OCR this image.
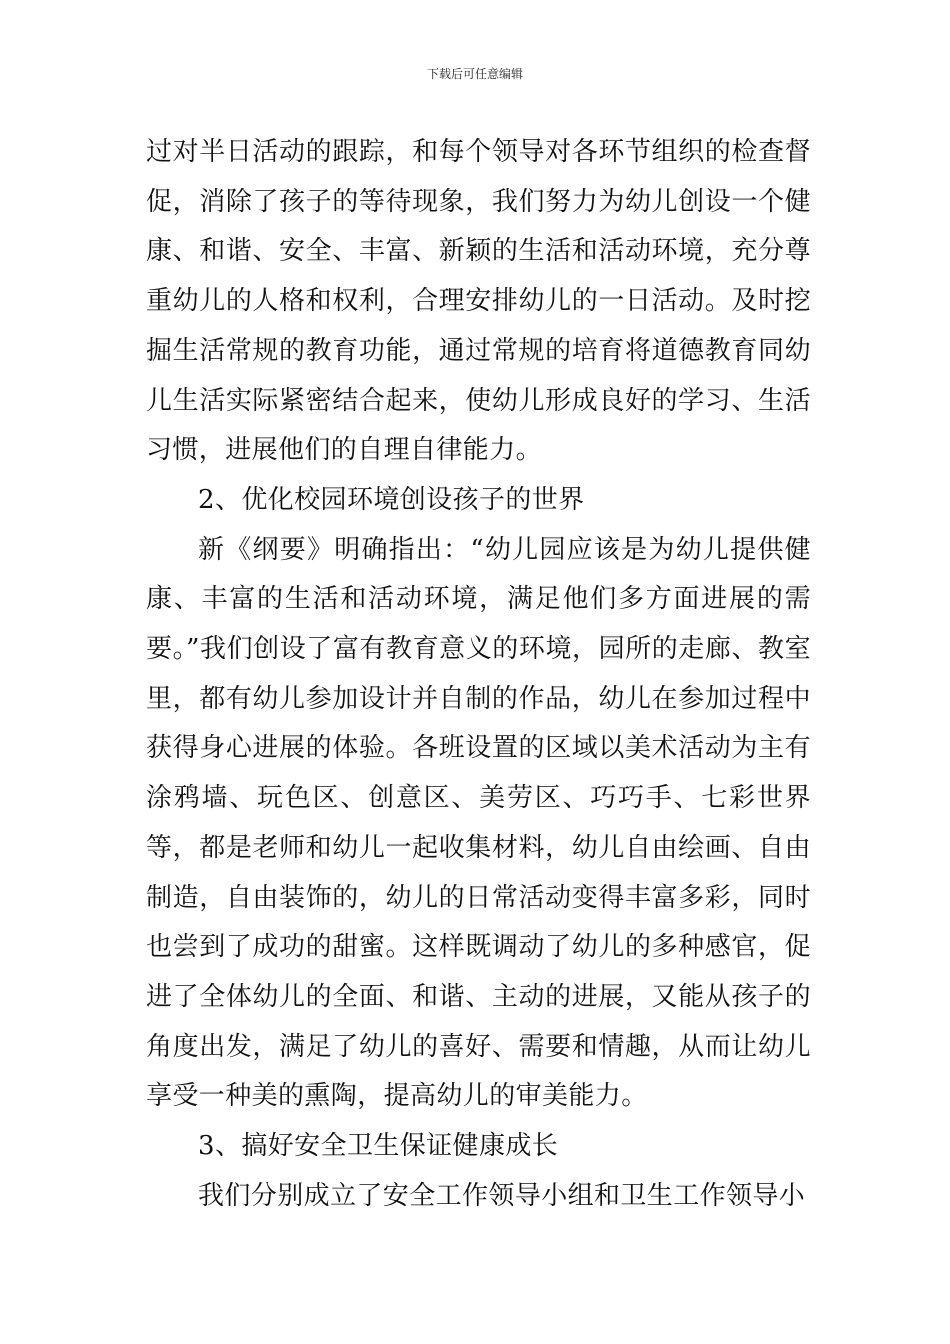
下载后可任意编辑

过对半日活动的跟踪，和每个领导对各环节组织的检查督促，消除了孩子的等待现象，我们努力为幼儿创设一个健康、和谐、安全、丰富、新颖的生活和活动环境，充分尊重幼儿的人格和权利，合理安排幼儿的一日活动。及时挖掘生活常规的教育功能，通过常规的培育将道德教育同幼儿生活实际紧密结合起来，使幼儿形成良好的学习、生活习惯，进展他们的自理自律能力。

2、优化校园环境创设孩子的世界

新《纲要》明确指出：“幼儿园应该是为幼儿提供健康、丰富的生活和活动环境，满足他们多方面进展的需要。”我们创设了富有教育意义的环境，园所的走廊、教室里，都有幼儿参加设计并自制的作品，幼儿在参加过程中获得身心进展的体验。各班设置的区域以美术活动为主有涂鸦墙、玩色区、创意区、美劳区、巧巧手、七彩世界等，都是老师和幼儿一起收集材料，幼儿自由绘画、自由制造，自由装饰的，幼儿的日常活动变得丰富多彩，同时也尝到了成功的甜蜜。这样既调动了幼儿的多种感官，促进了全体幼儿的全面、和谐、主动的进展，又能从孩子的角度出发，满足了幼儿的喜好、需要和情趣，从而让幼儿享受一种美的熏陶，提高幼儿的审美能力。

3、搞好安全卫生保证健康成长

我们分别成立了安全工作领导小组和卫生工作领导小
